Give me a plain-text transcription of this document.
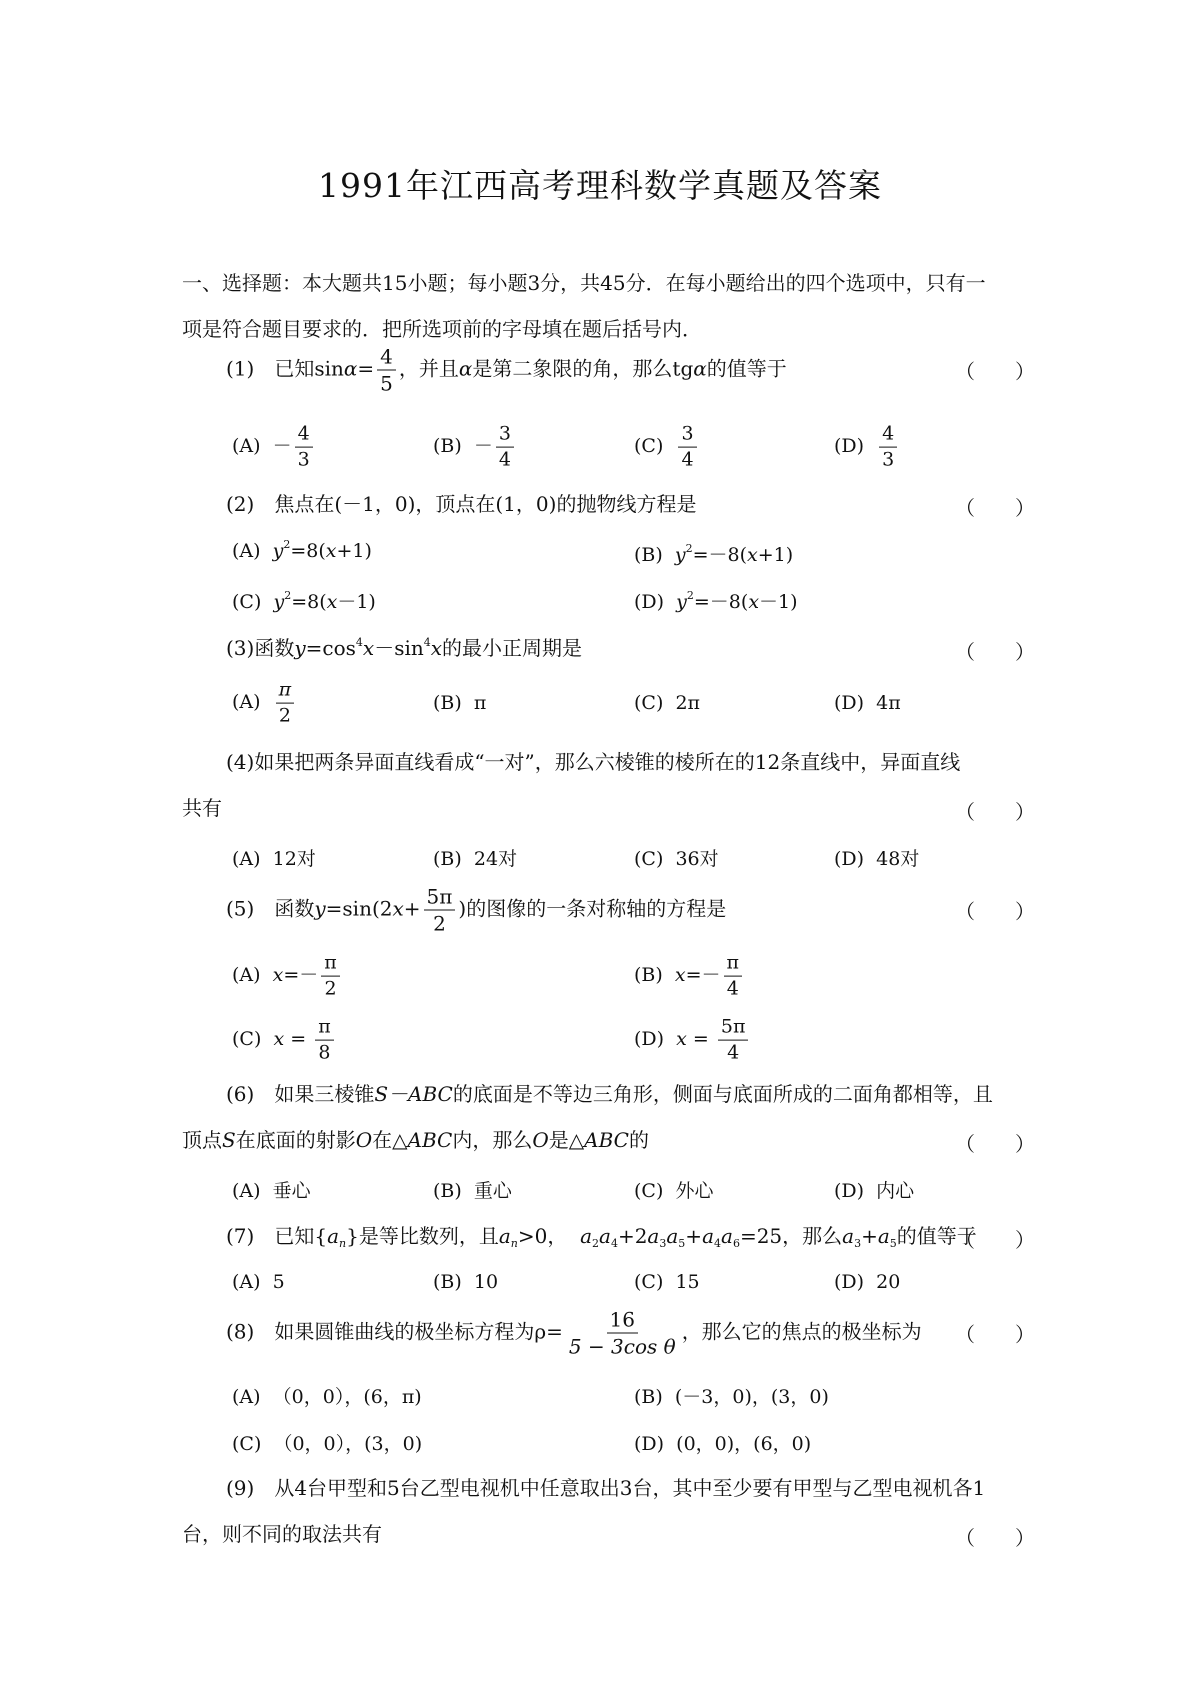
1991年江西高考理科数学真题及答案
一、选择题：本大题共15小题；每小题3分，共45分．在每小题给出的四个选项中，只有一
项是符合题目要求的．把所选项前的字母填在题后括号内．
(1)　已知$\sin\alpha= \frac{4}{5}$ ，并且α是第二象限的角，那么tgα的值等于	（　　）
$(A) - \frac{4}{3}$	$(B) - \frac{3}{4}$	$(C) \frac{3}{4}$	$(D) \frac{4}{3}$
(2)　焦点在(－1，0)，顶点在(1，0)的抛物线方程是	（　　）
(A) $y^2=8(x+1)$	(B) $y^2=-8(x+1)$
(C) $y^2=8(x-1)$	(D) $y^2=-8(x-1)$
(3)函数$y=\cos^4x-\sin^4x$的最小正周期是	（　　）
$(A) \frac{\pi}{2}$	(B) π	(C) 2π	(D) 4π
(4)如果把两条异面直线看成“一对”，那么六棱锥的棱所在的12条直线中，异面直线
共有	（　　）
(A) 12对	(B) 24对	(C) 36对	(D) 48对
(5)　函数$y=\sin(2x+ \frac{5\pi}{2}$ )的图像的一条对称轴的方程是	（　　）
(A) $x=- \frac{\pi}{2}$	(B) $x=- \frac{\pi}{4}$
(C) $x = \frac{\pi}{8}$	(D) $x = \frac{5\pi}{4}$
(6)　如果三棱锥S－ABC的底面是不等边三角形，侧面与底面所成的二面角都相等，且
顶点S在底面的射影O在△ABC内，那么O是△ABC的	（　　）
(A) 垂心	(B) 重心	(C) 外心	(D) 内心
(7)　已知$\{a_n\}$是等比数列，且$a_n>0$， $a_2a_4+2a_3a_5+a_4a_6=25$，那么$a_3+a_5$的值等于
（　　）
(A) 5	(B) 10	(C) 15	(D) 20
(8)　如果圆锥曲线的极坐标方程为$\rho= \frac{16}{\text{5 − 3cos θ}}$ ，那么它的焦点的极坐标为 （　　）
(A) （0，0），(6，π)	(B) (－3，0)，(3，0)
(C) （0，0），(3，0)	(D) (0，0)，(6，0)
(9)　从4台甲型和5台乙型电视机中任意取出3台，其中至少要有甲型与乙型电视机各1
台，则不同的取法共有	（　　）
